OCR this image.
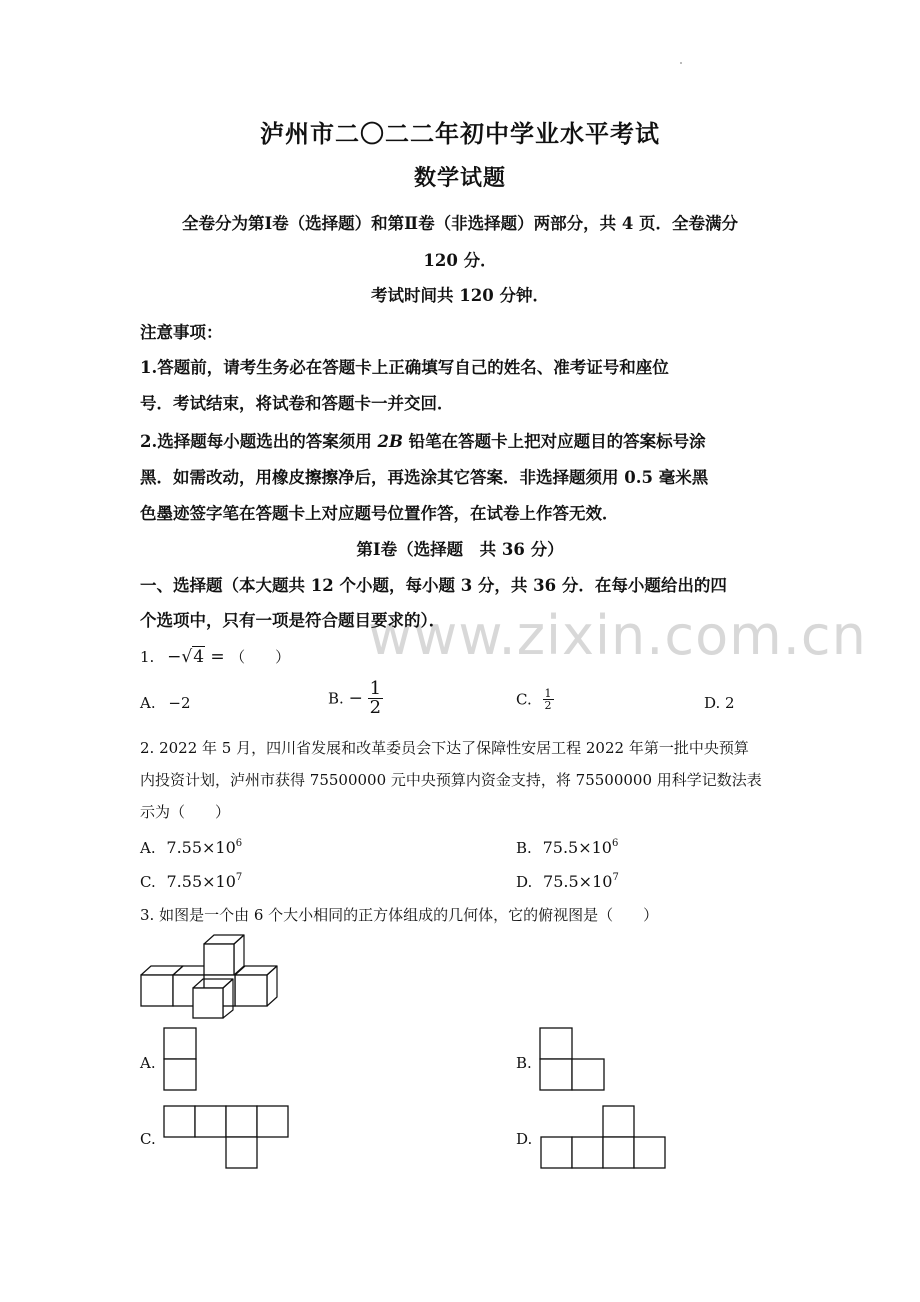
www.zixin.com.cn
泸州市二〇二二年初中学业水平考试
数学试题
全卷分为第Ⅰ卷（选择题）和第Ⅱ卷（非选择题）两部分，共 4 页．全卷满分
120 分．
考试时间共 120 分钟．
注意事项：
1.答题前，请考生务必在答题卡上正确填写自己的姓名、准考证号和座位
号．考试结束，将试卷和答题卡一并交回．
2.选择题每小题选出的答案须用 2B 铅笔在答题卡上把对应题目的答案标号涂
黑．如需改动，用橡皮擦擦净后，再选涂其它答案．非选择题须用 0.5 毫米黑
色墨迹签字笔在答题卡上对应题号位置作答，在试卷上作答无效．
第Ⅰ卷（选择题　共 36 分）
一、选择题（本大题共 12 个小题，每小题 3 分，共 36 分．在每小题给出的四
个选项中，只有一项是符合题目要求的）．
1. −√4 = （　　）
A. −2	B. − $\frac{1}{2}$	C. $\frac{1}{2}$	D. 2
2. 2022 年 5 月，四川省发展和改革委员会下达了保障性安居工程 2022 年第一批中央预算
内投资计划，泸州市获得 75500000 元中央预算内资金支持，将 75500000 用科学记数法表
示为（　　）
A. $7.55\times 10^6$	B. $75.5\times 10^6$
C. $7.55\times 10^7$	D. $75.5\times 10^7$
3. 如图是一个由 6 个大小相同的正方体组成的几何体，它的俯视图是（　　）
A.	B.
C.	D.
